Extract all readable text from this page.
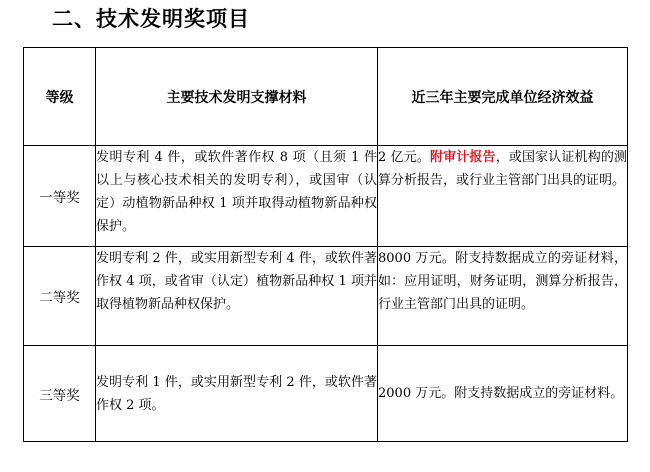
二、技术发明奖项目
等级	主要技术发明支撑材料	近三年主要完成单位经济效益
一等奖	发明专利 4 件，或软件著作权 8 项（且须 1 件以上与核心技术相关的发明专利），或国审（认定）动植物新品种权 1 项并取得动植物新品种权保护。	2 亿元。附审计报告，或国家认证机构的测算分析报告，或行业主管部门出具的证明。
二等奖	发明专利 2 件，或实用新型专利 4 件，或软件著作权 4 项，或省审（认定）植物新品种权 1 项并取得植物新品种权保护。	8000 万元。附支持数据成立的旁证材料，如：应用证明，财务证明，测算分析报告，行业主管部门出具的证明。
三等奖	发明专利 1 件，或实用新型专利 2 件，或软件著作权 2 项。	2000 万元。附支持数据成立的旁证材料。
